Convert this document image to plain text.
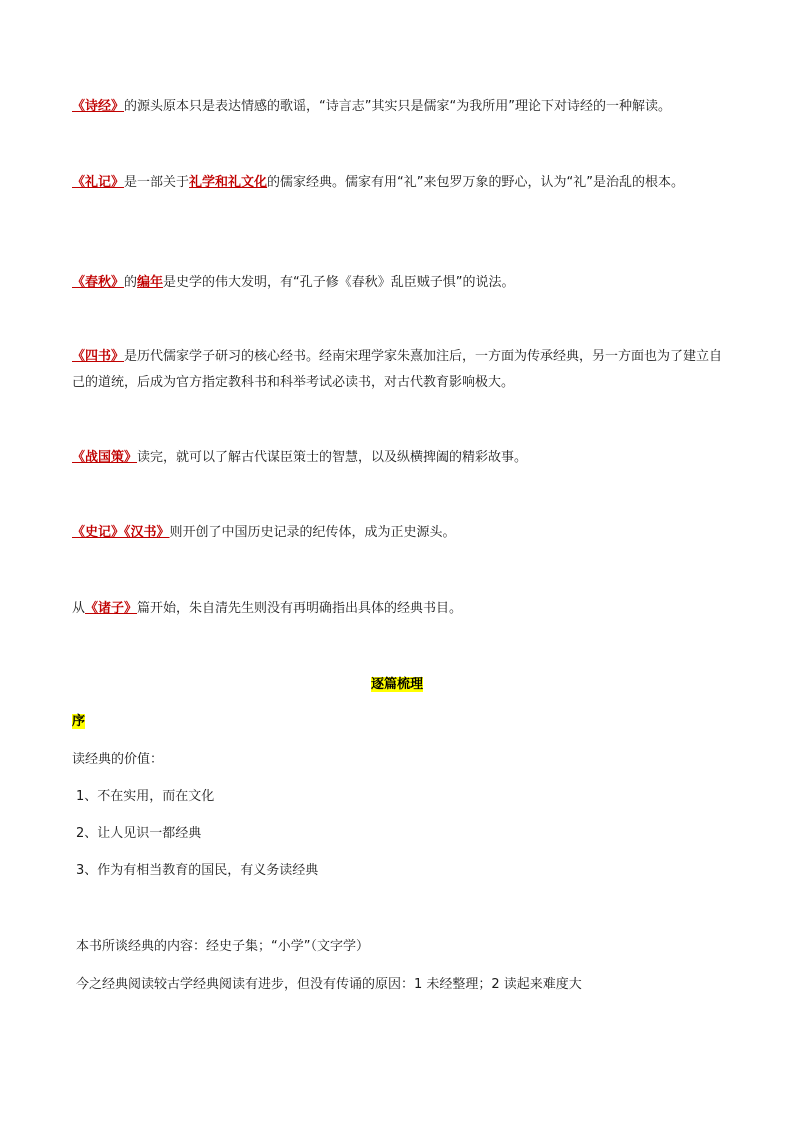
《诗经》的源头原本只是表达情感的歌谣，“诗言志”其实只是儒家“为我所用”理论下对诗经的一种解读。

《礼记》是一部关于礼学和礼文化的儒家经典。儒家有用“礼”来包罗万象的野心，认为“礼”是治乱的根本。

《春秋》的编年是史学的伟大发明，有“孔子修《春秋》乱臣贼子惧”的说法。

《四书》是历代儒家学子研习的核心经书。经南宋理学家朱熹加注后，一方面为传承经典，另一方面也为了建立自己的道统，后成为官方指定教科书和科举考试必读书，对古代教育影响极大。

《战国策》读完，就可以了解古代谋臣策士的智慧，以及纵横捭阖的精彩故事。

《史记》《汉书》则开创了中国历史记录的纪传体，成为正史源头。

从《诸子》篇开始，朱自清先生则没有再明确指出具体的经典书目。

逐篇梳理
序
读经典的价值：
1、不在实用，而在文化
2、让人见识一都经典
3、作为有相当教育的国民，有义务读经典
本书所谈经典的内容：经史子集；“小学”（文字学）
今之经典阅读较古学经典阅读有进步，但没有传诵的原因：1 未经整理；2 读起来难度大
